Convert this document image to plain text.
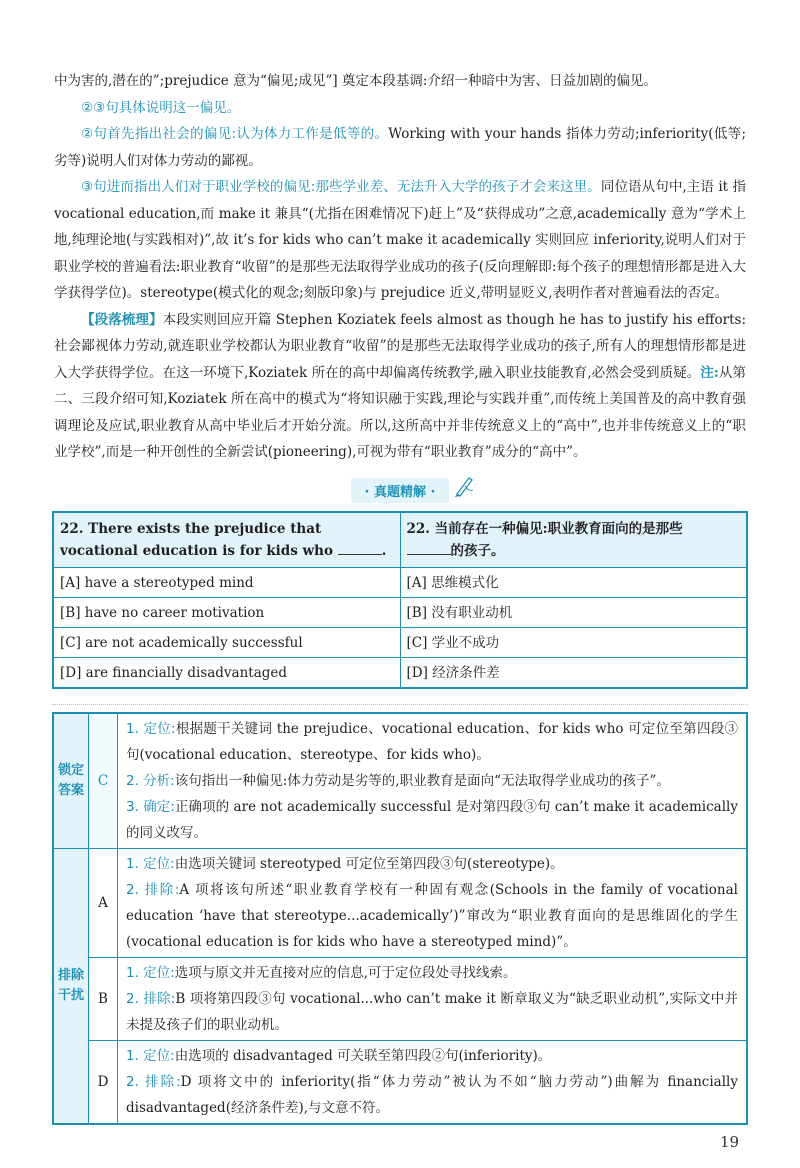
中为害的,潜在的”;prejudice 意为“偏见;成见”] 奠定本段基调:介绍一种暗中为害、日益加剧的偏见。

②③句具体说明这一偏见。

②句首先指出社会的偏见:认为体力工作是低等的。Working with your hands 指体力劳动;inferiority(低等;劣等)说明人们对体力劳动的鄙视。

③句进而指出人们对于职业学校的偏见:那些学业差、无法升入大学的孩子才会来这里。同位语从句中,主语 it 指 vocational education,而 make it 兼具“(尤指在困难情况下)赶上”及“获得成功”之意,academically 意为“学术上地,纯理论地(与实践相对)”,故 it’s for kids who can’t make it academically 实则回应 inferiority,说明人们对于职业学校的普遍看法:职业教育“收留”的是那些无法取得学业成功的孩子(反向理解即:每个孩子的理想情形都是进入大学获得学位)。stereotype(模式化的观念;刻版印象)与 prejudice 近义,带明显贬义,表明作者对普遍看法的否定。

【段落梳理】本段实则回应开篇 Stephen Koziatek feels almost as though he has to justify his efforts:社会鄙视体力劳动,就连职业学校都认为职业教育“收留”的是那些无法取得学业成功的孩子,所有人的理想情形都是进入大学获得学位。在这一环境下,Koziatek 所在的高中却偏离传统教学,融入职业技能教育,必然会受到质疑。注:从第二、三段介绍可知,Koziatek 所在高中的模式为“将知识融于实践,理论与实践并重”,而传统上美国普及的高中教育强调理论及应试,职业教育从高中毕业后才开始分流。所以,这所高中并非传统意义上的“高中”,也并非传统意义上的“职业学校”,而是一种开创性的全新尝试(pioneering),可视为带有“职业教育”成分的“高中”。

· 真题精解 ·
22. There exists the prejudice that vocational education is for kids who .	22. 当前存在一种偏见:职业教育面向的是那些
的孩子。
[A] have a stereotyped mind	[A] 思维模式化
[B] have no career motivation	[B] 没有职业动机
[C] are not academically successful	[C] 学业不成功
[D] are financially disadvantaged	[D] 经济条件差
锁定答案	C	1. 定位:根据题干关键词 the prejudice、vocational education、for kids who 可定位至第四段③句(vocational education、stereotype、for kids who)。
2. 分析:该句指出一种偏见:体力劳动是劣等的,职业教育是面向“无法取得学业成功的孩子”。
3. 确定:正确项的 are not academically successful 是对第四段③句 can’t make it academically 的同义改写。

排除干扰	A	1. 定位:由选项关键词 stereotyped 可定位至第四段③句(stereotype)。
2. 排除:A 项将该句所述“职业教育学校有一种固有观念(Schools in the family of vocational education ‘have that stereotype...academically’)”窜改为“职业教育面向的是思维固化的学生(vocational education is for kids who have a stereotyped mind)”。

	B	1. 定位:选项与原文并无直接对应的信息,可于定位段处寻找线索。
2. 排除:B 项将第四段③句 vocational...who can’t make it 断章取义为“缺乏职业动机”,实际文中并未提及孩子们的职业动机。

	D	1. 定位:由选项的 disadvantaged 可关联至第四段②句(inferiority)。
2. 排除:D 项将文中的 inferiority(指“体力劳动”被认为不如“脑力劳动”)曲解为 financially disadvantaged(经济条件差),与文意不符。
19
